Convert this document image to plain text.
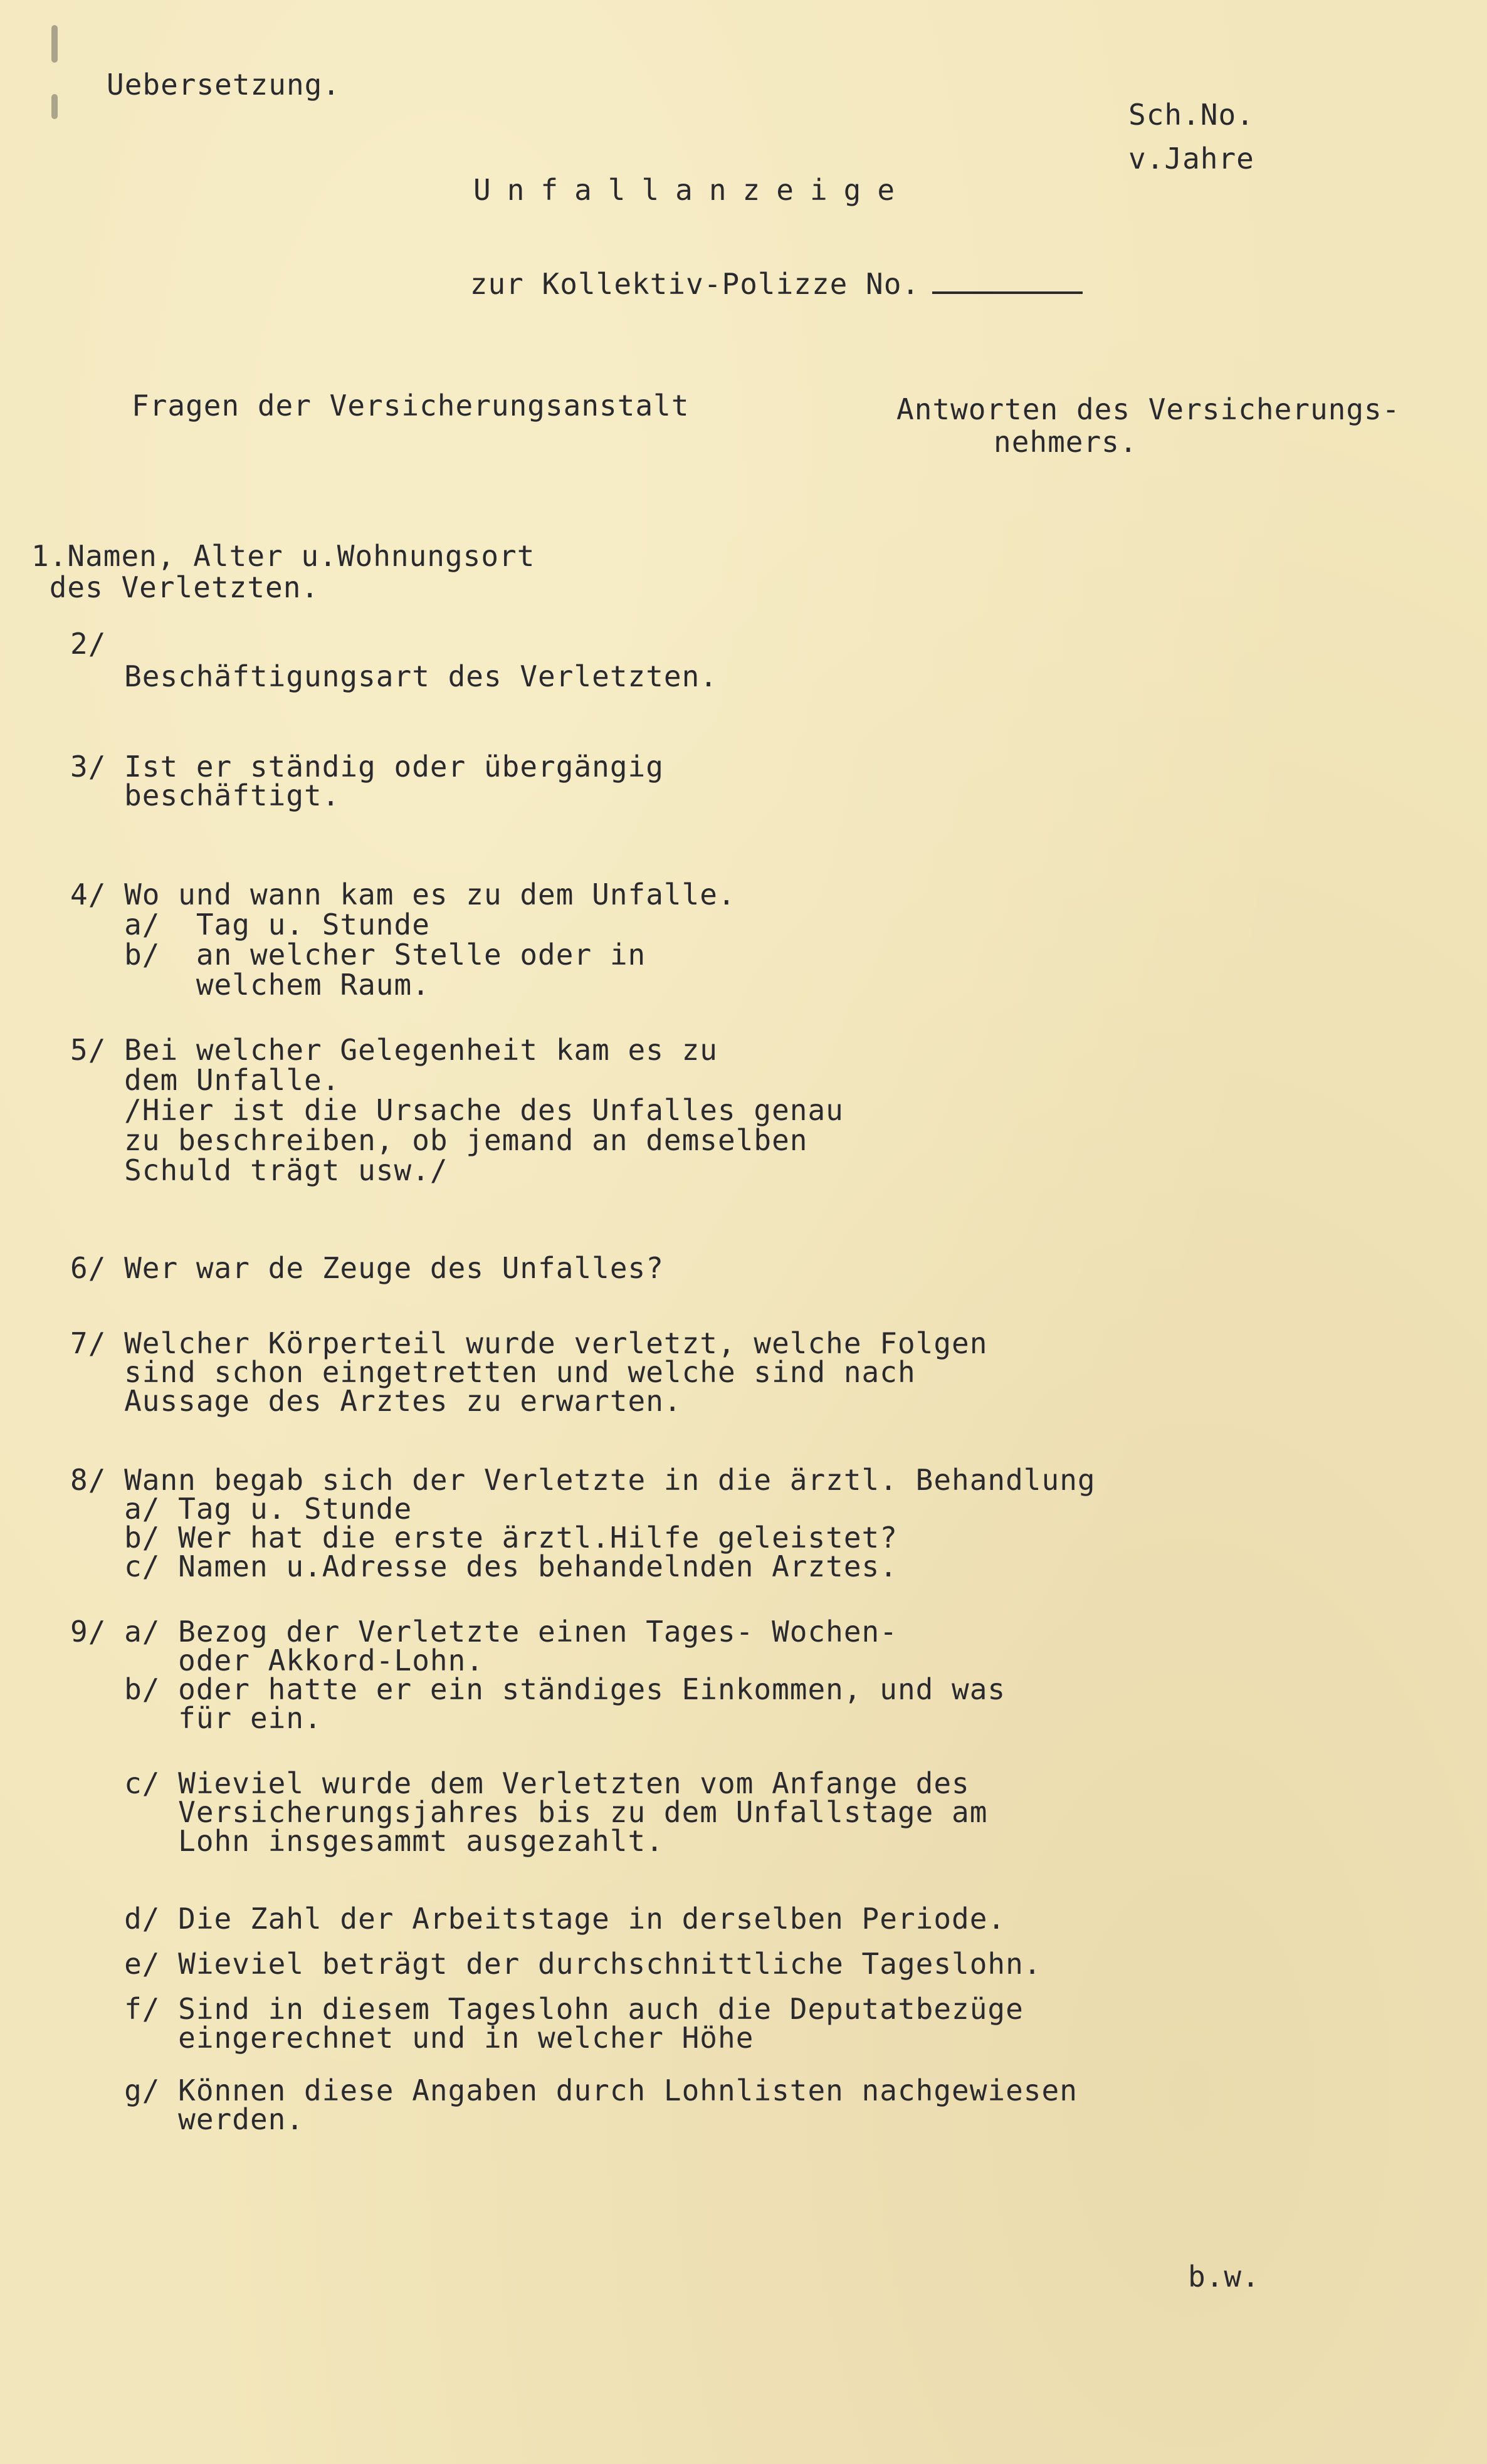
Uebersetzung.
Sch.No.
v.Jahre
Unfallanzeige

zur Kollektiv-Polizze No.

Fragen der Versicherungsanstalt	Antworten des Versicherungs-
nehmers.
1.Namen, Alter u.Wohnungsort
des Verletzten.
2/
Beschäftigungsart des Verletzten.
3/ Ist er ständig oder übergängig
beschäftigt.
4/ Wo und wann kam es zu dem Unfalle.
a/  Tag u. Stunde
b/  an welcher Stelle oder in
welchem Raum.
5/ Bei welcher Gelegenheit kam es zu
dem Unfalle.
/Hier ist die Ursache des Unfalles genau
zu beschreiben, ob jemand an demselben
Schuld trägt usw./
6/ Wer war de Zeuge des Unfalles?
7/ Welcher Körperteil wurde verletzt, welche Folgen
sind schon eingetretten und welche sind nach
Aussage des Arztes zu erwarten.
8/ Wann begab sich der Verletzte in die ärztl. Behandlung
a/ Tag u. Stunde
b/ Wer hat die erste ärztl.Hilfe geleistet?
c/ Namen u.Adresse des behandelnden Arztes.
9/ a/ Bezog der Verletzte einen Tages- Wochen-
oder Akkord-Lohn.
b/ oder hatte er ein ständiges Einkommen, und was
für ein.
c/ Wieviel wurde dem Verletzten vom Anfange des
Versicherungsjahres bis zu dem Unfallstage am
Lohn insgesammt ausgezahlt.
d/ Die Zahl der Arbeitstage in derselben Periode.
e/ Wieviel beträgt der durchschnittliche Tageslohn.
f/ Sind in diesem Tageslohn auch die Deputatbezüge
eingerechnet und in welcher Höhe
g/ Können diese Angaben durch Lohnlisten nachgewiesen
werden.
b.w.
